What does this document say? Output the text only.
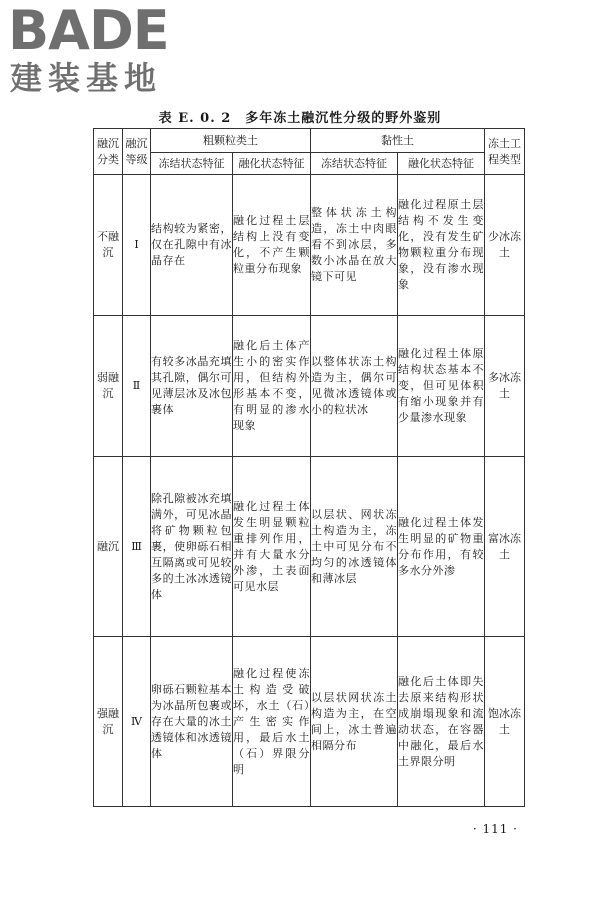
BADE
建装基地
表 E. 0. 2　多年冻土融沉性分级的野外鉴别
融沉分类	融沉等级	粗颗粒类土		黏性土		冻土工程类型
		冻结状态特征	融化状态特征	冻结状态特征	融化状态特征	
不融沉	Ⅰ	结构较为紧密，仅在孔隙中有冰晶存在	融化过程土层结构上没有变化，不产生颗粒重分布现象	整体状冻土构造，冻土中肉眼看不到冰层，多数小冰晶在放大镜下可见	融化过程原土层结构不发生变化，没有发生矿物颗粒重分布现象，没有渗水现象	少冰冻土
弱融沉	Ⅱ	有较多冰晶充填其孔隙，偶尔可见薄层冰及冰包裹体	融化后土体产生小的密实作用，但结构外形基本不变，有明显的渗水现象	以整体状冻土构造为主，偶尔可见微冰透镜体或小的粒状冰	融化过程土体原结构状态基本不变，但可见体积有缩小现象并有少量渗水现象	多冰冻土
融沉	Ⅲ	除孔隙被冰充填满外，可见冰晶将矿物颗粒包裹，使卵砾石相互隔离或可见较多的土冰冰透镜体	融化过程土体发生明显颗粒重排列作用，并有大量水分外渗，土表面可见水层	以层状、网状冻土构造为主，冻土中可见分布不均匀的冰透镜体和薄冰层	融化过程土体发生明显的矿物重分布作用，有较多水分外渗	富冰冻土
强融沉	Ⅳ	卵砾石颗粒基本为冰晶所包裹或存在大量的冰土透镜体和冰透镜体	融化过程使冻土构造受破坏，水土（石）产生密实作用，最后水土（石）界限分明	以层状网状冻土构造为主，在空间上，冰土普遍相隔分布	融化后土体即失去原来结构形状成崩塌现象和流动状态，在容器中融化，最后水土界限分明	饱冰冻土
· 111 ·
